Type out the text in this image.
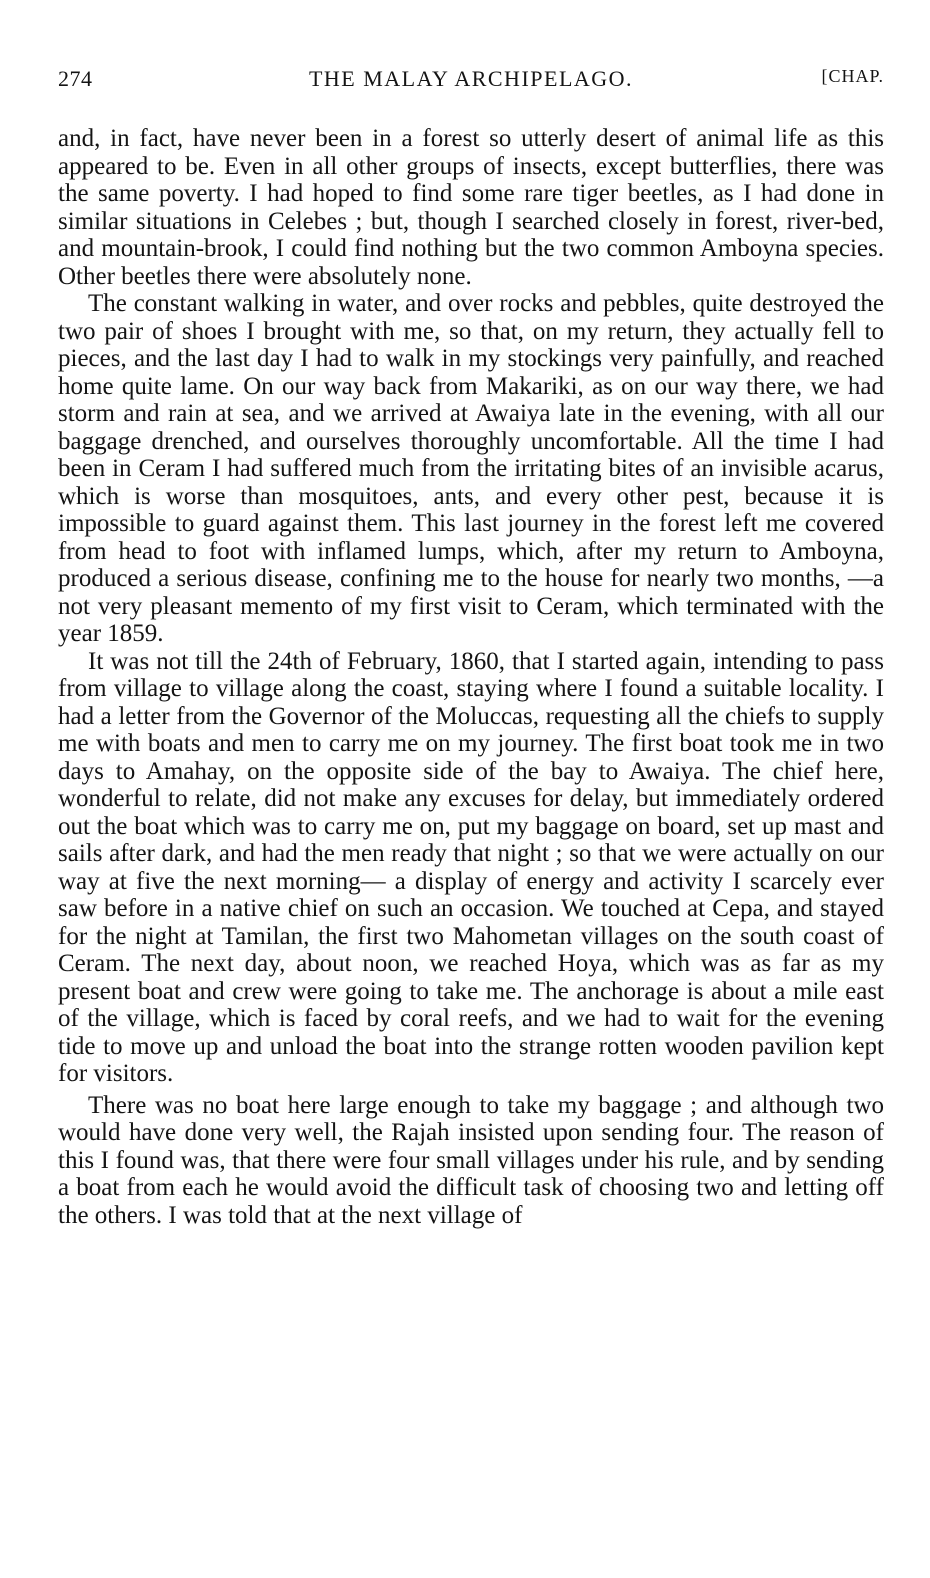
274	THE MALAY ARCHIPELAGO.	[CHAP.

and, in fact, have never been in a forest so utterly desert of animal life as this appeared to be. Even in all other groups of insects, except butterflies, there was the same poverty. I had hoped to find some rare tiger beetles, as I had done in similar situations in Celebes ; but, though I searched closely in forest, river-bed, and mountain-brook, I could find nothing but the two common Amboyna species. Other beetles there were absolutely none.

The constant walking in water, and over rocks and pebbles, quite destroyed the two pair of shoes I brought with me, so that, on my return, they actually fell to pieces, and the last day I had to walk in my stockings very painfully, and reached home quite lame. On our way back from Makariki, as on our way there, we had storm and rain at sea, and we arrived at Awaiya late in the evening, with all our baggage drenched, and ourselves thoroughly uncomfortable. All the time I had been in Ceram I had suffered much from the irritating bites of an invisible acarus, which is worse than mosquitoes, ants, and every other pest, because it is impossible to guard against them. This last journey in the forest left me covered from head to foot with inflamed lumps, which, after my return to Amboyna, produced a serious disease, confining me to the house for nearly two months, —a not very pleasant memento of my first visit to Ceram, which terminated with the year 1859.

It was not till the 24th of February, 1860, that I started again, intending to pass from village to village along the coast, staying where I found a suitable locality. I had a letter from the Governor of the Moluccas, requesting all the chiefs to supply me with boats and men to carry me on my journey. The first boat took me in two days to Amahay, on the opposite side of the bay to Awaiya. The chief here, wonderful to relate, did not make any excuses for delay, but immediately ordered out the boat which was to carry me on, put my baggage on board, set up mast and sails after dark, and had the men ready that night ; so that we were actually on our way at five the next morning— a display of energy and activity I scarcely ever saw before in a native chief on such an occasion. We touched at Cepa, and stayed for the night at Tamilan, the first two Mahometan villages on the south coast of Ceram. The next day, about noon, we reached Hoya, which was as far as my present boat and crew were going to take me. The anchorage is about a mile east of the village, which is faced by coral reefs, and we had to wait for the evening tide to move up and unload the boat into the strange rotten wooden pavilion kept for visitors.

There was no boat here large enough to take my baggage ; and although two would have done very well, the Rajah insisted upon sending four. The reason of this I found was, that there were four small villages under his rule, and by sending a boat from each he would avoid the difficult task of choosing two and letting off the others. I was told that at the next village of
